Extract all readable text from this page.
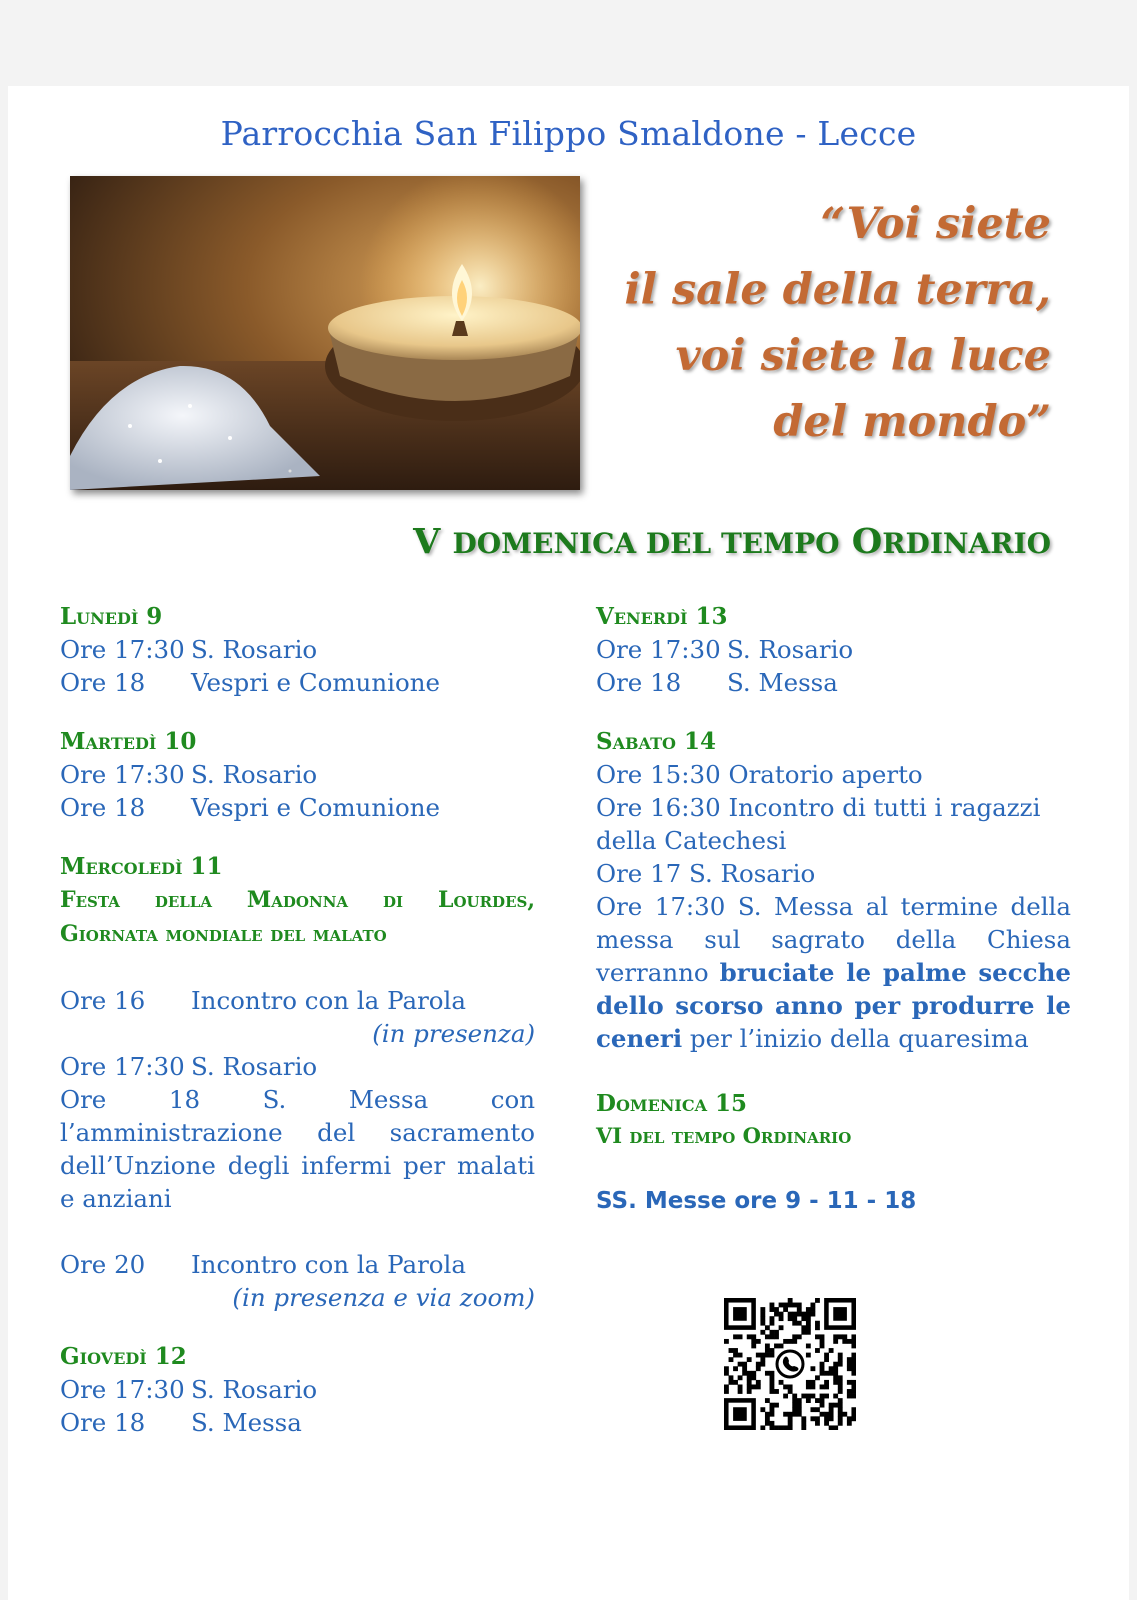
Parrocchia San Filippo Smaldone - Lecce
“Voi siete
il sale della terra,
voi siete la luce
del mondo”
V DOMENICA DEL TEMPO ORDINARIO
Lunedì 9
Ore 17:30 S. Rosario
Ore 18	Vespri e Comunione
Martedì 10
Ore 17:30 S. Rosario
Ore 18	Vespri e Comunione
Mercoledì 11
Festa della Madonna di Lourdes,
Giornata mondiale del malato
Ore 16	Incontro con la Parola
(in presenza)
Ore 17:30 S. Rosario
Ore 18	S. Messa con l’amministrazione del sacramento dell’Unzione degli infermi per malati e anziani
Ore 20	Incontro con la Parola
(in presenza e via zoom)
Giovedì 12
Ore 17:30 S. Rosario
Ore 18	S. Messa
Venerdì 13
Ore 17:30 S. Rosario
Ore 18	S. Messa
Sabato 14
Ore 15:30 Oratorio aperto
Ore 16:30 Incontro di tutti i ragazzi della Catechesi
Ore 17 S. Rosario
Ore 17:30 S. Messa al termine della messa sul sagrato della Chiesa verranno bruciate le palme secche dello scorso anno per produrre le ceneri per l’inizio della quaresima
Domenica 15
VI del tempo Ordinario
SS. Messe ore 9 - 11 - 18
